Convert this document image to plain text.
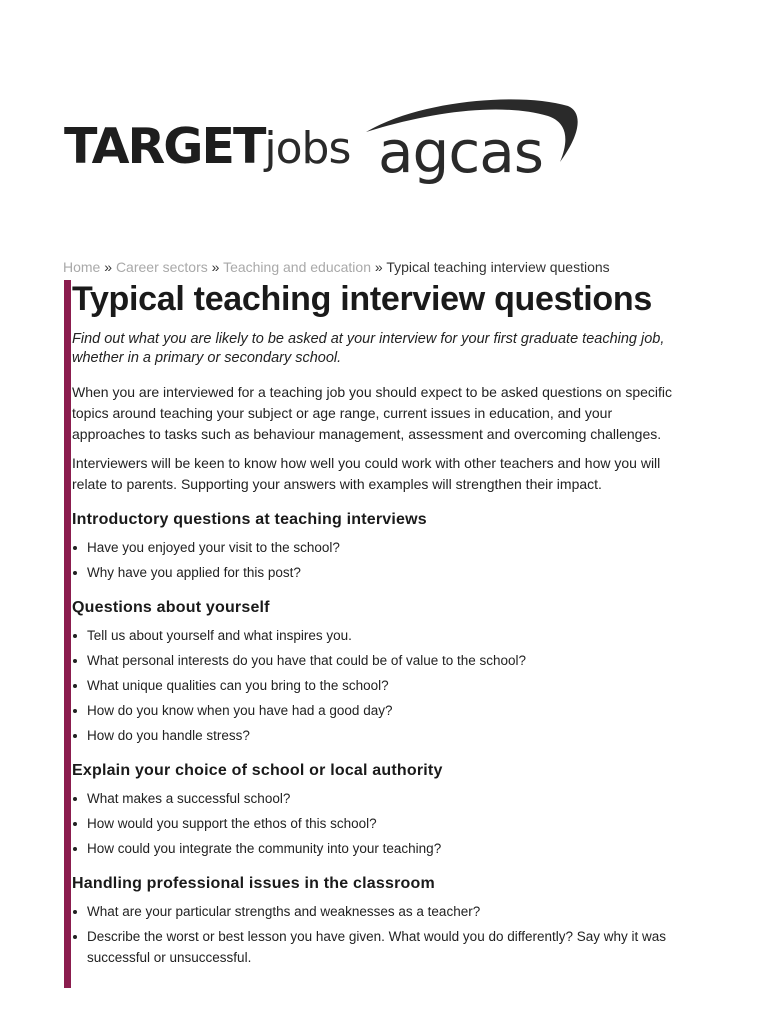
TARGETjobs agcas
Home » Career sectors » Teaching and education » Typical teaching interview questions
Typical teaching interview questions

Find out what you are likely to be asked at your interview for your first graduate teaching job, whether in a primary or secondary school.

When you are interviewed for a teaching job you should expect to be asked questions on specific topics around teaching your subject or age range, current issues in education, and your approaches to tasks such as behaviour management, assessment and overcoming challenges.

Interviewers will be keen to know how well you could work with other teachers and how you will relate to parents. Supporting your answers with examples will strengthen their impact.

Introductory questions at teaching interviews
Have you enjoyed your visit to the school?
Why have you applied for this post?
Questions about yourself
Tell us about yourself and what inspires you.
What personal interests do you have that could be of value to the school?
What unique qualities can you bring to the school?
How do you know when you have had a good day?
How do you handle stress?
Explain your choice of school or local authority
What makes a successful school?
How would you support the ethos of this school?
How could you integrate the community into your teaching?
Handling professional issues in the classroom
What are your particular strengths and weaknesses as a teacher?
Describe the worst or best lesson you have given. What would you do differently? Say why it was successful or unsuccessful.
